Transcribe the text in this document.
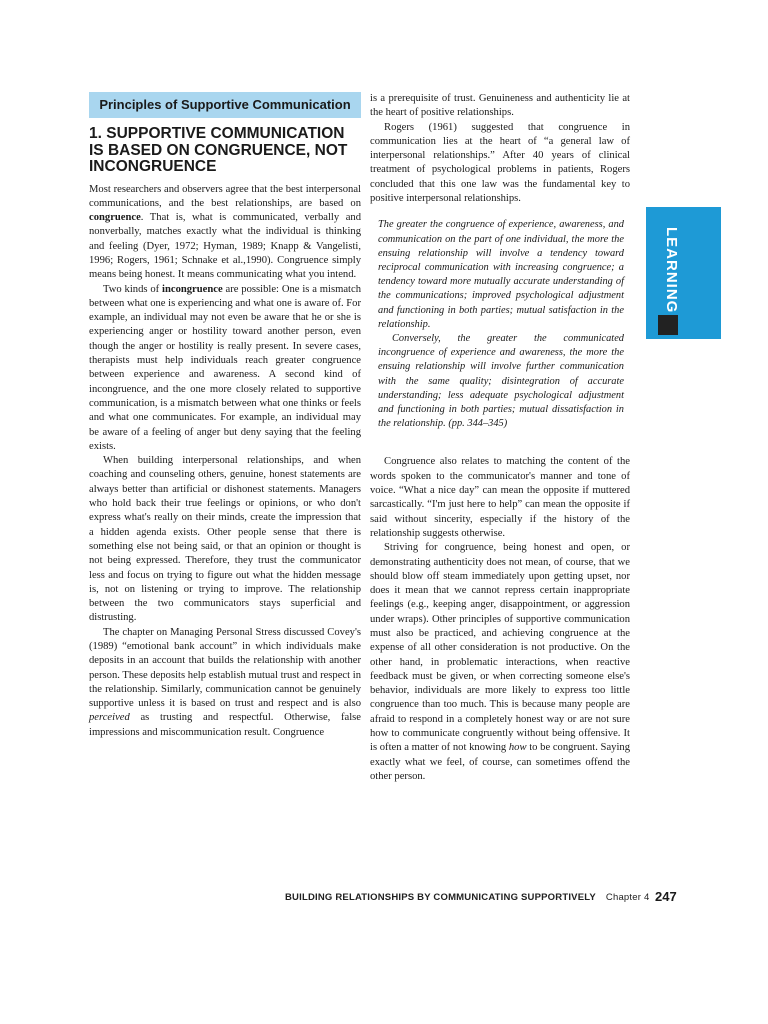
Principles of Supportive Communication
1. SUPPORTIVE COMMUNICATION IS BASED ON CONGRUENCE, NOT INCONGRUENCE

Most researchers and observers agree that the best interpersonal communications, and the best relationships, are based on congruence. That is, what is communicated, verbally and nonverbally, matches exactly what the individual is thinking and feeling (Dyer, 1972; Hyman, 1989; Knapp & Vangelisti, 1996; Rogers, 1961; Schnake et al.,1990). Congruence simply means being honest. It means communicating what you intend.

Two kinds of incongruence are possible: One is a mismatch between what one is experiencing and what one is aware of. For example, an individual may not even be aware that he or she is experiencing anger or hostility toward another person, even though the anger or hostility is really present. In severe cases, therapists must help individuals reach greater congruence between experience and awareness. A second kind of incongruence, and the one more closely related to supportive communication, is a mismatch between what one thinks or feels and what one communicates. For example, an individual may be aware of a feeling of anger but deny saying that the feeling exists.

When building interpersonal relationships, and when coaching and counseling others, genuine, honest statements are always better than artificial or dishonest statements. Managers who hold back their true feelings or opinions, or who don't express what's really on their minds, create the impression that a hidden agenda exists. Other people sense that there is something else not being said, or that an opinion or thought is not being expressed. Therefore, they trust the communicator less and focus on trying to figure out what the hidden message is, not on listening or trying to improve. The relationship between the two communicators stays superficial and distrusting.

The chapter on Managing Personal Stress discussed Covey's (1989) “emotional bank account” in which individuals make deposits in an account that builds the relationship with another person. These deposits help establish mutual trust and respect in the relationship. Similarly, communication cannot be genuinely supportive unless it is based on trust and respect and is also perceived as trusting and respectful. Otherwise, false impressions and miscommunication result. Congruence

is a prerequisite of trust. Genuineness and authenticity lie at the heart of positive relationships.

Rogers (1961) suggested that congruence in communication lies at the heart of “a general law of interpersonal relationships.” After 40 years of clinical treatment of psychological problems in patients, Rogers concluded that this one law was the fundamental key to positive interpersonal relationships.

The greater the congruence of experience, awareness, and communication on the part of one individual, the more the ensuing relationship will involve a tendency toward reciprocal communication with increasing congruence; a tendency toward more mutually accurate understanding of the communications; improved psychological adjustment and functioning in both parties; mutual satisfaction in the relationship.

Conversely, the greater the communicated incongruence of experience and awareness, the more the ensuing relationship will involve further communication with the same quality; disintegration of accurate understanding; less adequate psychological adjustment and functioning in both parties; mutual dissatisfaction in the relationship. (pp. 344–345)

Congruence also relates to matching the content of the words spoken to the communicator's manner and tone of voice. “What a nice day” can mean the opposite if muttered sarcastically. “I'm just here to help” can mean the opposite if said without sincerity, especially if the history of the relationship suggests otherwise.

Striving for congruence, being honest and open, or demonstrating authenticity does not mean, of course, that we should blow off steam immediately upon getting upset, nor does it mean that we cannot repress certain inappropriate feelings (e.g., keeping anger, disappointment, or aggression under wraps). Other principles of supportive communication must also be practiced, and achieving congruence at the expense of all other consideration is not productive. On the other hand, in problematic interactions, when reactive feedback must be given, or when correcting someone else's behavior, individuals are more likely to express too little congruence than too much. This is because many people are afraid to respond in a completely honest way or are not sure how to communicate congruently without being offensive. It is often a matter of not knowing how to be congruent. Saying exactly what we feel, of course, can sometimes offend the other person.

LEARNING
BUILDING RELATIONSHIPS BY COMMUNICATING SUPPORTIVELY Chapter 4 247
